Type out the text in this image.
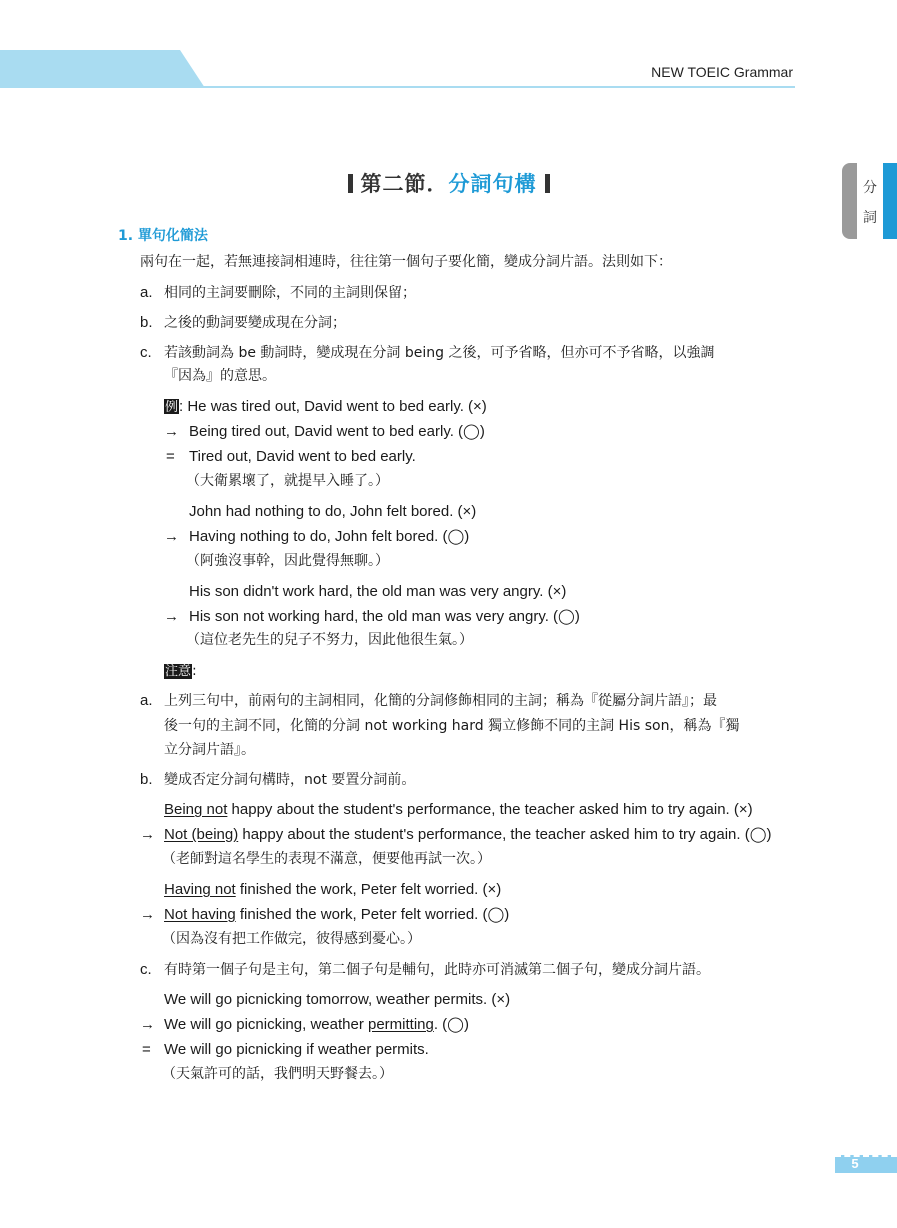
NEW TOEIC Grammar
第二節．分詞句構	分
詞
1. 單句化簡法
兩句在一起，若無連接詞相連時，往往第一個句子要化簡，變成分詞片語。法則如下：
a. 相同的主詞要刪除，不同的主詞則保留；
b. 之後的動詞要變成現在分詞；
c. 若該動詞為 be 動詞時，變成現在分詞 being 之後，可予省略，但亦可不予省略，以強調
『因為』的意思。
例: He was tired out, David went to bed early. (×)
→ Being tired out, David went to bed early. (◯)
= Tired out, David went to bed early.
（大衛累壞了，就提早入睡了。）
John had nothing to do, John felt bored. (×)
→ Having nothing to do, John felt bored. (◯)
（阿強沒事幹，因此覺得無聊。）
His son didn't work hard, the old man was very angry. (×)
→ His son not working hard, the old man was very angry. (◯)
（這位老先生的兒子不努力，因此他很生氣。）
注意:
a. 上列三句中，前兩句的主詞相同，化簡的分詞修飾相同的主詞；稱為『從屬分詞片語』；最
後一句的主詞不同，化簡的分詞 not working hard 獨立修飾不同的主詞 His son，稱為『獨
立分詞片語』。
b. 變成否定分詞句構時，not 要置分詞前。
Being not happy about the student's performance, the teacher asked him to try again. (×)
→ Not (being) happy about the student's performance, the teacher asked him to try again. (◯)
（老師對這名學生的表現不滿意，便要他再試一次。）
Having not finished the work, Peter felt worried. (×)
→ Not having finished the work, Peter felt worried. (◯)
（因為沒有把工作做完，彼得感到憂心。）
c. 有時第一個子句是主句，第二個子句是輔句，此時亦可消滅第二個子句，變成分詞片語。
We will go picnicking tomorrow, weather permits. (×)
→ We will go picnicking, weather permitting. (◯)
= We will go picnicking if weather permits.
（天氣許可的話，我們明天野餐去。）
5
